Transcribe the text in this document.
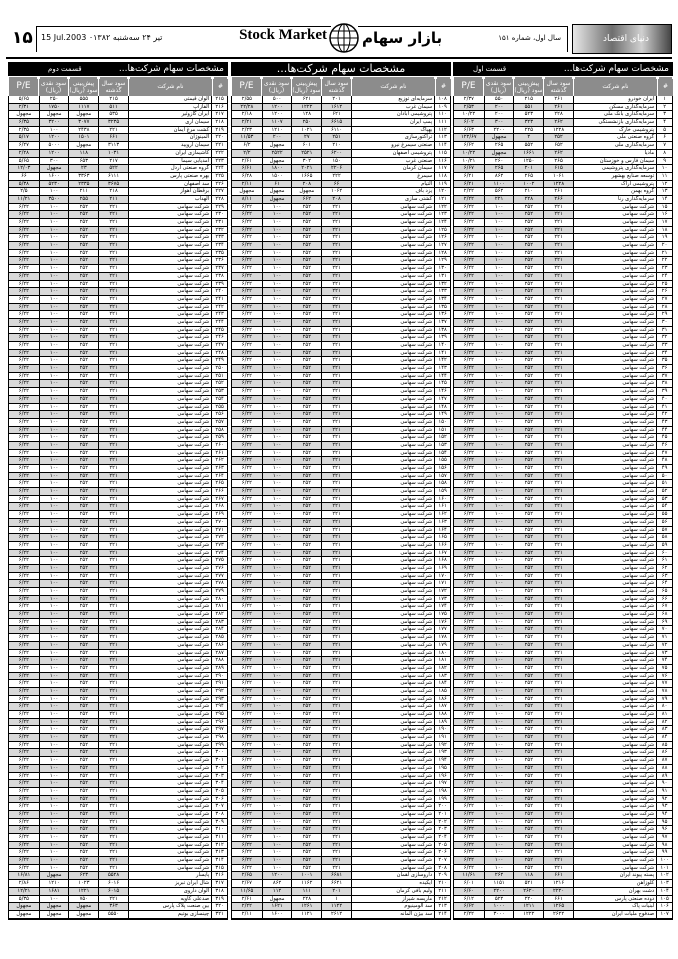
۱۵ 15 Jul.2003 ۰۱۳۸۲ تیر ۲۴ سه‌شنبه	Stock Market بازار سهام	سال اول، شماره ۱۵۱	دنیای اقتصاد
مشخصات سهام شرکت‌ها...
قسمت دوم
P/E	سود نقدی (ریال)
پیش‌بینی سود (ریال)
سود سال گذشته	نام شرکت	#
۵/۶۵	۲۵۰	۵۵۵	۲۱۵	الوان قیمتی	۲۱۵
۲/۳۱	۱۷۵۰	۱۱۱۷	۵۱۱	آلفازاپ	۲۱۶
مجهول	مجهول	مجهول	۵۳۵	ایران گازوئیر	۲۱۷
۶/۳۵	۳۲۰۰	۳۰۷۷	۳۲۳۵	سیمان اری	۲۱۸
۲/۳۵	۱۰۰	۲۴۳۸	۲۲۱	کشت مرغ ایمان	۲۱۹
۵/۱۷	۱۲۰۰	۱۵۰۱	۶۶۱	آلمینوژان	۲۲۰
۶/۲۷	۵۰۰۰	مجهول	۳۱۱۳	سیمان اروپید	۲۲۱
۲/۲۸	۱۲۰۰	۱۱۸	۱۰۳۱	کاشیمازی ایران	۲۲۲
۵/۶۵	۳۰۰	۶۵۳	۲۱۷	امدیابی سیما	۲۲۳
۱۲/۰۳	مجهول	۲۳	۵۲۲	گروه صنعتی اردل	۲۲۴
۶۶	۱۶۰۰	۳۳۶۳	۶۱۱۱	بهره صنعتی پارس	۲۲۵
۵/۳۸	۵۲۳۰	۲۳۳۵	۳۶۷۵	سد اصفهان	۲۲۶
۲/۵	۱۰۰	۲۱۱	۲۱۸	برقطان اهواز	۲۲۷
۱۱/۲۱	۳۵۰۰	۲۵۵	۲۱۱	الهداب	۲۲۸
۶/۲۲	۱۰۰	۲۵۲	۲۲۱	شرکت سهامی	۲۲۹
۶/۲۲	۱۰۰	۲۵۲	۲۲۱	شرکت سهامی	۲۳۰
۶/۲۲	۱۰۰	۲۵۲	۲۲۱	شرکت سهامی	۲۳۱
۶/۲۲	۱۰۰	۲۵۲	۲۲۱	شرکت سهامی	۲۳۲
۶/۲۲	۱۰۰	۲۵۲	۲۲۱	شرکت سهامی	۲۳۳
۶/۲۲	۱۰۰	۲۵۲	۲۲۱	شرکت سهامی	۲۳۴
۶/۲۲	۱۰۰	۲۵۲	۲۲۱	شرکت سهامی	۲۳۵
۶/۲۲	۱۰۰	۲۵۲	۲۲۱	شرکت سهامی	۲۳۶
۶/۲۲	۱۰۰	۲۵۲	۲۲۱	شرکت سهامی	۲۳۷
۶/۲۲	۱۰۰	۲۵۲	۲۲۱	شرکت سهامی	۲۳۸
۶/۲۲	۱۰۰	۲۵۲	۲۲۱	شرکت سهامی	۲۳۹
۶/۲۲	۱۰۰	۲۵۲	۲۲۱	شرکت سهامی	۲۴۰
۶/۲۲	۱۰۰	۲۵۲	۲۲۱	شرکت سهامی	۲۴۱
۶/۲۲	۱۰۰	۲۵۲	۲۲۱	شرکت سهامی	۲۴۲
۶/۲۲	۱۰۰	۲۵۲	۲۲۱	شرکت سهامی	۲۴۳
۶/۲۲	۱۰۰	۲۵۲	۲۲۱	شرکت سهامی	۲۴۴
۶/۲۲	۱۰۰	۲۵۲	۲۲۱	شرکت سهامی	۲۴۵
۶/۲۲	۱۰۰	۲۵۲	۲۲۱	شرکت سهامی	۲۴۶
۶/۲۲	۱۰۰	۲۵۲	۲۲۱	شرکت سهامی	۲۴۷
۶/۲۲	۱۰۰	۲۵۲	۲۲۱	شرکت سهامی	۲۴۸
۶/۲۲	۱۰۰	۲۵۲	۲۲۱	شرکت سهامی	۲۴۹
۶/۲۲	۱۰۰	۲۵۲	۲۲۱	شرکت سهامی	۲۵۰
۶/۲۲	۱۰۰	۲۵۲	۲۲۱	شرکت سهامی	۲۵۱
۶/۲۲	۱۰۰	۲۵۲	۲۲۱	شرکت سهامی	۲۵۲
۶/۲۲	۱۰۰	۲۵۲	۲۲۱	شرکت سهامی	۲۵۳
۶/۲۲	۱۰۰	۲۵۲	۲۲۱	شرکت سهامی	۲۵۴
۶/۲۲	۱۰۰	۲۵۲	۲۲۱	شرکت سهامی	۲۵۵
۶/۲۲	۱۰۰	۲۵۲	۲۲۱	شرکت سهامی	۲۵۶
۶/۲۲	۱۰۰	۲۵۲	۲۲۱	شرکت سهامی	۲۵۷
۶/۲۲	۱۰۰	۲۵۲	۲۲۱	شرکت سهامی	۲۵۸
۶/۲۲	۱۰۰	۲۵۲	۲۲۱	شرکت سهامی	۲۵۹
۶/۲۲	۱۰۰	۲۵۲	۲۲۱	شرکت سهامی	۲۶۰
۶/۲۲	۱۰۰	۲۵۲	۲۲۱	شرکت سهامی	۲۶۱
۶/۲۲	۱۰۰	۲۵۲	۲۲۱	شرکت سهامی	۲۶۲
۶/۲۲	۱۰۰	۲۵۲	۲۲۱	شرکت سهامی	۲۶۳
۶/۲۲	۱۰۰	۲۵۲	۲۲۱	شرکت سهامی	۲۶۴
۶/۲۲	۱۰۰	۲۵۲	۲۲۱	شرکت سهامی	۲۶۵
۶/۲۲	۱۰۰	۲۵۲	۲۲۱	شرکت سهامی	۲۶۶
۶/۲۲	۱۰۰	۲۵۲	۲۲۱	شرکت سهامی	۲۶۷
۶/۲۲	۱۰۰	۲۵۲	۲۲۱	شرکت سهامی	۲۶۸
۶/۲۲	۱۰۰	۲۵۲	۲۲۱	شرکت سهامی	۲۶۹
۶/۲۲	۱۰۰	۲۵۲	۲۲۱	شرکت سهامی	۲۷۰
۶/۲۲	۱۰۰	۲۵۲	۲۲۱	شرکت سهامی	۲۷۱
۶/۲۲	۱۰۰	۲۵۲	۲۲۱	شرکت سهامی	۲۷۲
۶/۲۲	۱۰۰	۲۵۲	۲۲۱	شرکت سهامی	۲۷۳
۶/۲۲	۱۰۰	۲۵۲	۲۲۱	شرکت سهامی	۲۷۴
۶/۲۲	۱۰۰	۲۵۲	۲۲۱	شرکت سهامی	۲۷۵
۶/۲۲	۱۰۰	۲۵۲	۲۲۱	شرکت سهامی	۲۷۶
۶/۲۲	۱۰۰	۲۵۲	۲۲۱	شرکت سهامی	۲۷۷
۶/۲۲	۱۰۰	۲۵۲	۲۲۱	شرکت سهامی	۲۷۸
۶/۲۲	۱۰۰	۲۵۲	۲۲۱	شرکت سهامی	۲۷۹
۶/۲۲	۱۰۰	۲۵۲	۲۲۱	شرکت سهامی	۲۸۰
۶/۲۲	۱۰۰	۲۵۲	۲۲۱	شرکت سهامی	۲۸۱
۶/۲۲	۱۰۰	۲۵۲	۲۲۱	شرکت سهامی	۲۸۲
۶/۲۲	۱۰۰	۲۵۲	۲۲۱	شرکت سهامی	۲۸۳
۶/۲۲	۱۰۰	۲۵۲	۲۲۱	شرکت سهامی	۲۸۴
۶/۲۲	۱۰۰	۲۵۲	۲۲۱	شرکت سهامی	۲۸۵
۶/۲۲	۱۰۰	۲۵۲	۲۲۱	شرکت سهامی	۲۸۶
۶/۲۲	۱۰۰	۲۵۲	۲۲۱	شرکت سهامی	۲۸۷
۶/۲۲	۱۰۰	۲۵۲	۲۲۱	شرکت سهامی	۲۸۸
۶/۲۲	۱۰۰	۲۵۲	۲۲۱	شرکت سهامی	۲۸۹
۶/۲۲	۱۰۰	۲۵۲	۲۲۱	شرکت سهامی	۲۹۰
۶/۲۲	۱۰۰	۲۵۲	۲۲۱	شرکت سهامی	۲۹۱
۶/۲۲	۱۰۰	۲۵۲	۲۲۱	شرکت سهامی	۲۹۲
۶/۲۲	۱۰۰	۲۵۲	۲۲۱	شرکت سهامی	۲۹۳
۶/۲۲	۱۰۰	۲۵۲	۲۲۱	شرکت سهامی	۲۹۴
۶/۲۲	۱۰۰	۲۵۲	۲۲۱	شرکت سهامی	۲۹۵
۶/۲۲	۱۰۰	۲۵۲	۲۲۱	شرکت سهامی	۲۹۶
۶/۲۲	۱۰۰	۲۵۲	۲۲۱	شرکت سهامی	۲۹۷
۶/۲۲	۱۰۰	۲۵۲	۲۲۱	شرکت سهامی	۲۹۸
۶/۲۲	۱۰۰	۲۵۲	۲۲۱	شرکت سهامی	۲۹۹
۶/۲۲	۱۰۰	۲۵۲	۲۲۱	شرکت سهامی	۳۰۰
۶/۲۲	۱۰۰	۲۵۲	۲۲۱	شرکت سهامی	۳۰۱
۶/۲۲	۱۰۰	۲۵۲	۲۲۱	شرکت سهامی	۳۰۲
۶/۲۲	۱۰۰	۲۵۲	۲۲۱	شرکت سهامی	۳۰۳
۶/۲۲	۱۰۰	۲۵۲	۲۲۱	شرکت سهامی	۳۰۴
۶/۲۲	۱۰۰	۲۵۲	۲۲۱	شرکت سهامی	۳۰۵
۶/۲۲	۱۰۰	۲۵۲	۲۲۱	شرکت سهامی	۳۰۶
۶/۲۲	۱۰۰	۲۵۲	۲۲۱	شرکت سهامی	۳۰۷
۶/۲۲	۱۰۰	۲۵۲	۲۲۱	شرکت سهامی	۳۰۸
۶/۲۲	۱۰۰	۲۵۲	۲۲۱	شرکت سهامی	۳۰۹
۶/۲۲	۱۰۰	۲۵۲	۲۲۱	شرکت سهامی	۳۱۰
۶/۲۲	۱۰۰	۲۵۲	۲۲۱	شرکت سهامی	۳۱۱
۶/۲۲	۱۰۰	۲۵۲	۲۲۱	شرکت سهامی	۳۱۲
۶/۲۲	۱۰۰	۲۵۲	۲۲۱	شرکت سهامی	۳۱۳
۶/۲۲	۱۰۰	۲۵۲	۲۲۱	شرکت سهامی	۳۱۴
۶/۲۲	۱۰۰	۲۵۲	۲۲۱	شرکت سهامی	۳۱۵
۱۶/۸۱	مجهول	۶۲۳	۵۵۲۸	پایسار	۳۱۶
۲/۸۶	۱۲۱۰	۱۰۲۳	۶۰۱۶	شال ایران تبریز	۳۱۷
۱۲/۲۱	۱۶۸۱	۱۲۲۱	۶۰۱۵	الوان داروی	۳۱۸
۵/۳۵	۱۰۰	۷۵۰	۲۲۱	صدعلی کاویه	۳۱۹
مجهول	مجهول	مجهول	۳۶۳	بین صنعت پلاک پارس	۳۲۰
مجهول	مجهول	مجهول	۵۵۵۰	چینسازی بوتیم	۳۲۱
مشخصات سهام شرکت‌ها...
P/E	سود نقدی (ریال)
پیش‌بینی سود (ریال)
سود سال گذشته	نام شرکت	#
۲/۵۵	۵۰۰	۶۲۱	۲۰۱	سرمایه‌ای توزیع	۱۰۸
۲۲/۲۸	۱۲۰۰	۱۲۲۲	۱۶۱۲	سیمان غرب	۱۰۹
۲/۱۸	۱۲۰۰	۱۲۸	۶۲۱	پتروشیمی آبادان	۱۱۰
۲/۲۱	۱۱۰۷	۲۵۰	۶۶۱۵	پمپ ایران	۱۱۱
۲/۲۳	۱۲۱۰	۱۰۲۱	۶۱۱۰	بهپاک	۱۱۲
۱۱/۵۳	۲۰۰	۲۷	۲۵۱	تراکتورسازی	۱۱۳
۶/۲	مجهول	۶۰۱	۲۱۰	صنعتی سیمرغ نیرو	۱۱۴
۲/۲	۲۵۲۲	۲۵۲۱	۶۲۰۰	پتروشیمی اصفهان	۱۱۵
۲/۶۱	مجهول	۳۰۲	۱۵۰	صنعتی غرب	۱۱۶
۶/۶۱	۱۸۰۰	۲۰۲۱	۲۲۰۶	سیمان کرمان	۱۱۷
۶/۲۸	۱۵۰۰	۱۶۶۵	۲۲۲	سیمرغ	۱۱۸
۲/۱۱	۶۱	۲۰۸	۶۶	التیام	۱۱۹
مجهول	مجهول	مجهول	۱۰۶۲	یزد باف	۱۲۰
۸/۱۱	مجهول	۶۶۲	۲۰۸	کشتی سازی	۱۲۱
۶/۲۲	۱۰۰	۲۵۲	۲۲۱	شرکت سهامی	۱۲۲
۶/۲۲	۱۰۰	۲۵۲	۲۲۱	شرکت سهامی	۱۲۳
۶/۲۲	۱۰۰	۲۵۲	۲۲۱	شرکت سهامی	۱۲۴
۶/۲۲	۱۰۰	۲۵۲	۲۲۱	شرکت سهامی	۱۲۵
۶/۲۲	۱۰۰	۲۵۲	۲۲۱	شرکت سهامی	۱۲۶
۶/۲۲	۱۰۰	۲۵۲	۲۲۱	شرکت سهامی	۱۲۷
۶/۲۲	۱۰۰	۲۵۲	۲۲۱	شرکت سهامی	۱۲۸
۶/۲۲	۱۰۰	۲۵۲	۲۲۱	شرکت سهامی	۱۲۹
۶/۲۲	۱۰۰	۲۵۲	۲۲۱	شرکت سهامی	۱۳۰
۶/۲۲	۱۰۰	۲۵۲	۲۲۱	شرکت سهامی	۱۳۱
۶/۲۲	۱۰۰	۲۵۲	۲۲۱	شرکت سهامی	۱۳۲
۶/۲۲	۱۰۰	۲۵۲	۲۲۱	شرکت سهامی	۱۳۳
۶/۲۲	۱۰۰	۲۵۲	۲۲۱	شرکت سهامی	۱۳۴
۶/۲۲	۱۰۰	۲۵۲	۲۲۱	شرکت سهامی	۱۳۵
۶/۲۲	۱۰۰	۲۵۲	۲۲۱	شرکت سهامی	۱۳۶
۶/۲۲	۱۰۰	۲۵۲	۲۲۱	شرکت سهامی	۱۳۷
۶/۲۲	۱۰۰	۲۵۲	۲۲۱	شرکت سهامی	۱۳۸
۶/۲۲	۱۰۰	۲۵۲	۲۲۱	شرکت سهامی	۱۳۹
۶/۲۲	۱۰۰	۲۵۲	۲۲۱	شرکت سهامی	۱۴۰
۶/۲۲	۱۰۰	۲۵۲	۲۲۱	شرکت سهامی	۱۴۱
۶/۲۲	۱۰۰	۲۵۲	۲۲۱	شرکت سهامی	۱۴۲
۶/۲۲	۱۰۰	۲۵۲	۲۲۱	شرکت سهامی	۱۴۳
۶/۲۲	۱۰۰	۲۵۲	۲۲۱	شرکت سهامی	۱۴۴
۶/۲۲	۱۰۰	۲۵۲	۲۲۱	شرکت سهامی	۱۴۵
۶/۲۲	۱۰۰	۲۵۲	۲۲۱	شرکت سهامی	۱۴۶
۶/۲۲	۱۰۰	۲۵۲	۲۲۱	شرکت سهامی	۱۴۷
۶/۲۲	۱۰۰	۲۵۲	۲۲۱	شرکت سهامی	۱۴۸
۶/۲۲	۱۰۰	۲۵۲	۲۲۱	شرکت سهامی	۱۴۹
۶/۲۲	۱۰۰	۲۵۲	۲۲۱	شرکت سهامی	۱۵۰
۶/۲۲	۱۰۰	۲۵۲	۲۲۱	شرکت سهامی	۱۵۱
۶/۲۲	۱۰۰	۲۵۲	۲۲۱	شرکت سهامی	۱۵۲
۶/۲۲	۱۰۰	۲۵۲	۲۲۱	شرکت سهامی	۱۵۳
۶/۲۲	۱۰۰	۲۵۲	۲۲۱	شرکت سهامی	۱۵۴
۶/۲۲	۱۰۰	۲۵۲	۲۲۱	شرکت سهامی	۱۵۵
۶/۲۲	۱۰۰	۲۵۲	۲۲۱	شرکت سهامی	۱۵۶
۶/۲۲	۱۰۰	۲۵۲	۲۲۱	شرکت سهامی	۱۵۷
۶/۲۲	۱۰۰	۲۵۲	۲۲۱	شرکت سهامی	۱۵۸
۶/۲۲	۱۰۰	۲۵۲	۲۲۱	شرکت سهامی	۱۵۹
۶/۲۲	۱۰۰	۲۵۲	۲۲۱	شرکت سهامی	۱۶۰
۶/۲۲	۱۰۰	۲۵۲	۲۲۱	شرکت سهامی	۱۶۱
۶/۲۲	۱۰۰	۲۵۲	۲۲۱	شرکت سهامی	۱۶۲
۶/۲۲	۱۰۰	۲۵۲	۲۲۱	شرکت سهامی	۱۶۳
۶/۲۲	۱۰۰	۲۵۲	۲۲۱	شرکت سهامی	۱۶۴
۶/۲۲	۱۰۰	۲۵۲	۲۲۱	شرکت سهامی	۱۶۵
۶/۲۲	۱۰۰	۲۵۲	۲۲۱	شرکت سهامی	۱۶۶
۶/۲۲	۱۰۰	۲۵۲	۲۲۱	شرکت سهامی	۱۶۷
۶/۲۲	۱۰۰	۲۵۲	۲۲۱	شرکت سهامی	۱۶۸
۶/۲۲	۱۰۰	۲۵۲	۲۲۱	شرکت سهامی	۱۶۹
۶/۲۲	۱۰۰	۲۵۲	۲۲۱	شرکت سهامی	۱۷۰
۶/۲۲	۱۰۰	۲۵۲	۲۲۱	شرکت سهامی	۱۷۱
۶/۲۲	۱۰۰	۲۵۲	۲۲۱	شرکت سهامی	۱۷۲
۶/۲۲	۱۰۰	۲۵۲	۲۲۱	شرکت سهامی	۱۷۳
۶/۲۲	۱۰۰	۲۵۲	۲۲۱	شرکت سهامی	۱۷۴
۶/۲۲	۱۰۰	۲۵۲	۲۲۱	شرکت سهامی	۱۷۵
۶/۲۲	۱۰۰	۲۵۲	۲۲۱	شرکت سهامی	۱۷۶
۶/۲۲	۱۰۰	۲۵۲	۲۲۱	شرکت سهامی	۱۷۷
۶/۲۲	۱۰۰	۲۵۲	۲۲۱	شرکت سهامی	۱۷۸
۶/۲۲	۱۰۰	۲۵۲	۲۲۱	شرکت سهامی	۱۷۹
۶/۲۲	۱۰۰	۲۵۲	۲۲۱	شرکت سهامی	۱۸۰
۶/۲۲	۱۰۰	۲۵۲	۲۲۱	شرکت سهامی	۱۸۱
۶/۲۲	۱۰۰	۲۵۲	۲۲۱	شرکت سهامی	۱۸۲
۶/۲۲	۱۰۰	۲۵۲	۲۲۱	شرکت سهامی	۱۸۳
۶/۲۲	۱۰۰	۲۵۲	۲۲۱	شرکت سهامی	۱۸۴
۶/۲۲	۱۰۰	۲۵۲	۲۲۱	شرکت سهامی	۱۸۵
۶/۲۲	۱۰۰	۲۵۲	۲۲۱	شرکت سهامی	۱۸۶
۶/۲۲	۱۰۰	۲۵۲	۲۲۱	شرکت سهامی	۱۸۷
۶/۲۲	۱۰۰	۲۵۲	۲۲۱	شرکت سهامی	۱۸۸
۶/۲۲	۱۰۰	۲۵۲	۲۲۱	شرکت سهامی	۱۸۹
۶/۲۲	۱۰۰	۲۵۲	۲۲۱	شرکت سهامی	۱۹۰
۶/۲۲	۱۰۰	۲۵۲	۲۲۱	شرکت سهامی	۱۹۱
۶/۲۲	۱۰۰	۲۵۲	۲۲۱	شرکت سهامی	۱۹۲
۶/۲۲	۱۰۰	۲۵۲	۲۲۱	شرکت سهامی	۱۹۳
۶/۲۲	۱۰۰	۲۵۲	۲۲۱	شرکت سهامی	۱۹۴
۶/۲۲	۱۰۰	۲۵۲	۲۲۱	شرکت سهامی	۱۹۵
۶/۲۲	۱۰۰	۲۵۲	۲۲۱	شرکت سهامی	۱۹۶
۶/۲۲	۱۰۰	۲۵۲	۲۲۱	شرکت سهامی	۱۹۷
۶/۲۲	۱۰۰	۲۵۲	۲۲۱	شرکت سهامی	۱۹۸
۶/۲۲	۱۰۰	۲۵۲	۲۲۱	شرکت سهامی	۱۹۹
۶/۲۲	۱۰۰	۲۵۲	۲۲۱	شرکت سهامی	۲۰۰
۶/۲۲	۱۰۰	۲۵۲	۲۲۱	شرکت سهامی	۲۰۱
۶/۲۲	۱۰۰	۲۵۲	۲۲۱	شرکت سهامی	۲۰۲
۶/۲۲	۱۰۰	۲۵۲	۲۲۱	شرکت سهامی	۲۰۳
۶/۲۲	۱۰۰	۲۵۲	۲۲۱	شرکت سهامی	۲۰۴
۶/۲۲	۱۰۰	۲۵۲	۲۲۱	شرکت سهامی	۲۰۵
۶/۲۲	۱۰۰	۲۵۲	۲۲۱	شرکت سهامی	۲۰۶
۶/۲۲	۱۰۰	۲۵۲	۲۲۱	شرکت سهامی	۲۰۷
۶/۲۲	۱۰۰	۲۵۲	۲۲۱	شرکت سهامی	۲۰۸
۲/۶۵	۱۲۰۰	۱۰۰۱	۶۶۸۱	داروسازی لقمان	۲۰۹
۲/۶۷	۸۶۲	۱۱۶۲	۶۶۲۱	ایکیده	۲۱۰
۱۱/۶۵	۱۱۲	۱۱۱	۲۰۱	ولیم بافی کرمان	۲۱۱
۲/۶۱	مجهول	۲۲۸	۱	ماریسه شیراز	۲۱۲
۲/۲۲	۱۶۲۱	۱۲۶۱	۱۱۲۲	سد آلومینیوم	۲۱۳
۲/۱۱	۱۶۰۰	۱۱۲۱	۲۶۱۲	سد بیژن المانه	۲۱۴
قسمت اول	مشخصات سهام شرکت‌ها...
P/E	سود نقدی (ریال)
پیش‌بینی سود (ریال)
سود سال گذشته	نام شرکت	#
۲/۳۷	۵۵۰	۲۱۵	۲۶۱	ایران خودرو	۱
۲/۵۳	۲۰۰	۵۵۱	۲۶۱	سرمایه‌گذاری مسکن	۲
۱۰/۲۲	۲۰۰	۵۲۳	۲۲۸	سرمایه‌گذاری بانک ملی	۳
۶/۰۲	۳۰۰	۳۲۳	۲۶۲	سرمایه‌گذاری بازنشستگی	۴
۶/۶۳	۲۲۰۰	۲۲۵	۱۲۲۸	پتروشیمی خارک	۵
۱۲۲/۶۷	مجهول	۲	۲۵۲	گروه صنعتی ملی	۶
۶/۶۲	۲۶۵	۵۵۲	۶۵۲	سرمایه‌گذاری ملی	۷
۱۰/۲۲	مجهول	۱۶۶۱	۲۶۲	مادیا	۸
۱۰/۲۱	۲۶۰	۱۲۵۰	۲۶۵	سیمان فارس و خوزستان	۹
۶/۶۷	۲۶۵	۲۰۱	۶۱۵	سرمایه‌گذاری پتروشیمی	۱۰
۶/۲۱	۸۶۲	۲۶۵	۱۰۶۱	توسعه صنایع بهشهر	۱۱
۶/۲۱	۱۱۰۰	۱۰۰۲	۱۲۲۸	پتروشیمی اراک	۱۲
۲/۲۲	۵۶۲	۲۱۰	۲۶۱	گروه بهمن	۱۳
۲/۲۲	۲۲۱	۲۲۸	۲۶۶	سرمایه‌گذاری رنا	۱۴
۶/۲۲	۱۰۰	۲۵۲	۲۲۱	شرکت سهامی	۱۵
۶/۲۲	۱۰۰	۲۵۲	۲۲۱	شرکت سهامی	۱۶
۶/۲۲	۱۰۰	۲۵۲	۲۲۱	شرکت سهامی	۱۷
۶/۲۲	۱۰۰	۲۵۲	۲۲۱	شرکت سهامی	۱۸
۶/۲۲	۱۰۰	۲۵۲	۲۲۱	شرکت سهامی	۱۹
۶/۲۲	۱۰۰	۲۵۲	۲۲۱	شرکت سهامی	۲۰
۶/۲۲	۱۰۰	۲۵۲	۲۲۱	شرکت سهامی	۲۱
۶/۲۲	۱۰۰	۲۵۲	۲۲۱	شرکت سهامی	۲۲
۶/۲۲	۱۰۰	۲۵۲	۲۲۱	شرکت سهامی	۲۳
۶/۲۲	۱۰۰	۲۵۲	۲۲۱	شرکت سهامی	۲۴
۶/۲۲	۱۰۰	۲۵۲	۲۲۱	شرکت سهامی	۲۵
۶/۲۲	۱۰۰	۲۵۲	۲۲۱	شرکت سهامی	۲۶
۶/۲۲	۱۰۰	۲۵۲	۲۲۱	شرکت سهامی	۲۷
۶/۲۲	۱۰۰	۲۵۲	۲۲۱	شرکت سهامی	۲۸
۶/۲۲	۱۰۰	۲۵۲	۲۲۱	شرکت سهامی	۲۹
۶/۲۲	۱۰۰	۲۵۲	۲۲۱	شرکت سهامی	۳۰
۶/۲۲	۱۰۰	۲۵۲	۲۲۱	شرکت سهامی	۳۱
۶/۲۲	۱۰۰	۲۵۲	۲۲۱	شرکت سهامی	۳۲
۶/۲۲	۱۰۰	۲۵۲	۲۲۱	شرکت سهامی	۳۳
۶/۲۲	۱۰۰	۲۵۲	۲۲۱	شرکت سهامی	۳۴
۶/۲۲	۱۰۰	۲۵۲	۲۲۱	شرکت سهامی	۳۵
۶/۲۲	۱۰۰	۲۵۲	۲۲۱	شرکت سهامی	۳۶
۶/۲۲	۱۰۰	۲۵۲	۲۲۱	شرکت سهامی	۳۷
۶/۲۲	۱۰۰	۲۵۲	۲۲۱	شرکت سهامی	۳۸
۶/۲۲	۱۰۰	۲۵۲	۲۲۱	شرکت سهامی	۳۹
۶/۲۲	۱۰۰	۲۵۲	۲۲۱	شرکت سهامی	۴۰
۶/۲۲	۱۰۰	۲۵۲	۲۲۱	شرکت سهامی	۴۱
۶/۲۲	۱۰۰	۲۵۲	۲۲۱	شرکت سهامی	۴۲
۶/۲۲	۱۰۰	۲۵۲	۲۲۱	شرکت سهامی	۴۳
۶/۲۲	۱۰۰	۲۵۲	۲۲۱	شرکت سهامی	۴۴
۶/۲۲	۱۰۰	۲۵۲	۲۲۱	شرکت سهامی	۴۵
۶/۲۲	۱۰۰	۲۵۲	۲۲۱	شرکت سهامی	۴۶
۶/۲۲	۱۰۰	۲۵۲	۲۲۱	شرکت سهامی	۴۷
۶/۲۲	۱۰۰	۲۵۲	۲۲۱	شرکت سهامی	۴۸
۶/۲۲	۱۰۰	۲۵۲	۲۲۱	شرکت سهامی	۴۹
۶/۲۲	۱۰۰	۲۵۲	۲۲۱	شرکت سهامی	۵۰
۶/۲۲	۱۰۰	۲۵۲	۲۲۱	شرکت سهامی	۵۱
۶/۲۲	۱۰۰	۲۵۲	۲۲۱	شرکت سهامی	۵۲
۶/۲۲	۱۰۰	۲۵۲	۲۲۱	شرکت سهامی	۵۳
۶/۲۲	۱۰۰	۲۵۲	۲۲۱	شرکت سهامی	۵۴
۶/۲۲	۱۰۰	۲۵۲	۲۲۱	شرکت سهامی	۵۵
۶/۲۲	۱۰۰	۲۵۲	۲۲۱	شرکت سهامی	۵۶
۶/۲۲	۱۰۰	۲۵۲	۲۲۱	شرکت سهامی	۵۷
۶/۲۲	۱۰۰	۲۵۲	۲۲۱	شرکت سهامی	۵۸
۶/۲۲	۱۰۰	۲۵۲	۲۲۱	شرکت سهامی	۵۹
۶/۲۲	۱۰۰	۲۵۲	۲۲۱	شرکت سهامی	۶۰
۶/۲۲	۱۰۰	۲۵۲	۲۲۱	شرکت سهامی	۶۱
۶/۲۲	۱۰۰	۲۵۲	۲۲۱	شرکت سهامی	۶۲
۶/۲۲	۱۰۰	۲۵۲	۲۲۱	شرکت سهامی	۶۳
۶/۲۲	۱۰۰	۲۵۲	۲۲۱	شرکت سهامی	۶۴
۶/۲۲	۱۰۰	۲۵۲	۲۲۱	شرکت سهامی	۶۵
۶/۲۲	۱۰۰	۲۵۲	۲۲۱	شرکت سهامی	۶۶
۶/۲۲	۱۰۰	۲۵۲	۲۲۱	شرکت سهامی	۶۷
۶/۲۲	۱۰۰	۲۵۲	۲۲۱	شرکت سهامی	۶۸
۶/۲۲	۱۰۰	۲۵۲	۲۲۱	شرکت سهامی	۶۹
۶/۲۲	۱۰۰	۲۵۲	۲۲۱	شرکت سهامی	۷۰
۶/۲۲	۱۰۰	۲۵۲	۲۲۱	شرکت سهامی	۷۱
۶/۲۲	۱۰۰	۲۵۲	۲۲۱	شرکت سهامی	۷۲
۶/۲۲	۱۰۰	۲۵۲	۲۲۱	شرکت سهامی	۷۳
۶/۲۲	۱۰۰	۲۵۲	۲۲۱	شرکت سهامی	۷۴
۶/۲۲	۱۰۰	۲۵۲	۲۲۱	شرکت سهامی	۷۵
۶/۲۲	۱۰۰	۲۵۲	۲۲۱	شرکت سهامی	۷۶
۶/۲۲	۱۰۰	۲۵۲	۲۲۱	شرکت سهامی	۷۷
۶/۲۲	۱۰۰	۲۵۲	۲۲۱	شرکت سهامی	۷۸
۶/۲۲	۱۰۰	۲۵۲	۲۲۱	شرکت سهامی	۷۹
۶/۲۲	۱۰۰	۲۵۲	۲۲۱	شرکت سهامی	۸۰
۶/۲۲	۱۰۰	۲۵۲	۲۲۱	شرکت سهامی	۸۱
۶/۲۲	۱۰۰	۲۵۲	۲۲۱	شرکت سهامی	۸۲
۶/۲۲	۱۰۰	۲۵۲	۲۲۱	شرکت سهامی	۸۳
۶/۲۲	۱۰۰	۲۵۲	۲۲۱	شرکت سهامی	۸۴
۶/۲۲	۱۰۰	۲۵۲	۲۲۱	شرکت سهامی	۸۵
۶/۲۲	۱۰۰	۲۵۲	۲۲۱	شرکت سهامی	۸۶
۶/۲۲	۱۰۰	۲۵۲	۲۲۱	شرکت سهامی	۸۷
۶/۲۲	۱۰۰	۲۵۲	۲۲۱	شرکت سهامی	۸۸
۶/۲۲	۱۰۰	۲۵۲	۲۲۱	شرکت سهامی	۸۹
۶/۲۲	۱۰۰	۲۵۲	۲۲۱	شرکت سهامی	۹۰
۶/۲۲	۱۰۰	۲۵۲	۲۲۱	شرکت سهامی	۹۱
۶/۲۲	۱۰۰	۲۵۲	۲۲۱	شرکت سهامی	۹۲
۶/۲۲	۱۰۰	۲۵۲	۲۲۱	شرکت سهامی	۹۳
۶/۲۲	۱۰۰	۲۵۲	۲۲۱	شرکت سهامی	۹۴
۶/۲۲	۱۰۰	۲۵۲	۲۲۱	شرکت سهامی	۹۵
۶/۲۲	۱۰۰	۲۵۲	۲۲۱	شرکت سهامی	۹۶
۶/۲۲	۱۰۰	۲۵۲	۲۲۱	شرکت سهامی	۹۷
۶/۲۲	۱۰۰	۲۵۲	۲۲۱	شرکت سهامی	۹۸
۶/۲۲	۱۰۰	۲۵۲	۲۲۱	شرکت سهامی	۹۹
۶/۲۲	۱۰۰	۲۵۲	۲۲۱	شرکت سهامی	۱۰۰
۶/۲۲	۱۰۰	۲۵۲	۲۲۱	شرکت سهامی	۱۰۱
۱۱/۶۱	۲۶۲	۱۱۸	۶۶۱	پسته پیوند ایران	۱۰۲
۶/۰۱	۱۱۵۱	۵۲۱	۱۲۱۶	کلوزآهن	۱۰۳
۶/۶۰	۲۲۰۰	۲۶۲۰	۲۲۲۰	دشت بهران	۱۰۴
۶/۱۲	۵۲۲	۲۲۰	۶۶۱	دوده صنعتی پارس	۱۰۵
۶/۶۲	۱۰۰۰	۱۲۱۱	۱۲۶۵	لبنیات پاک	۱۰۶
۲/۲۲	۳۰۰۰	۱۲۲۲	۲۶۲۲	صدفوج ملیات ایران	۱۰۷
